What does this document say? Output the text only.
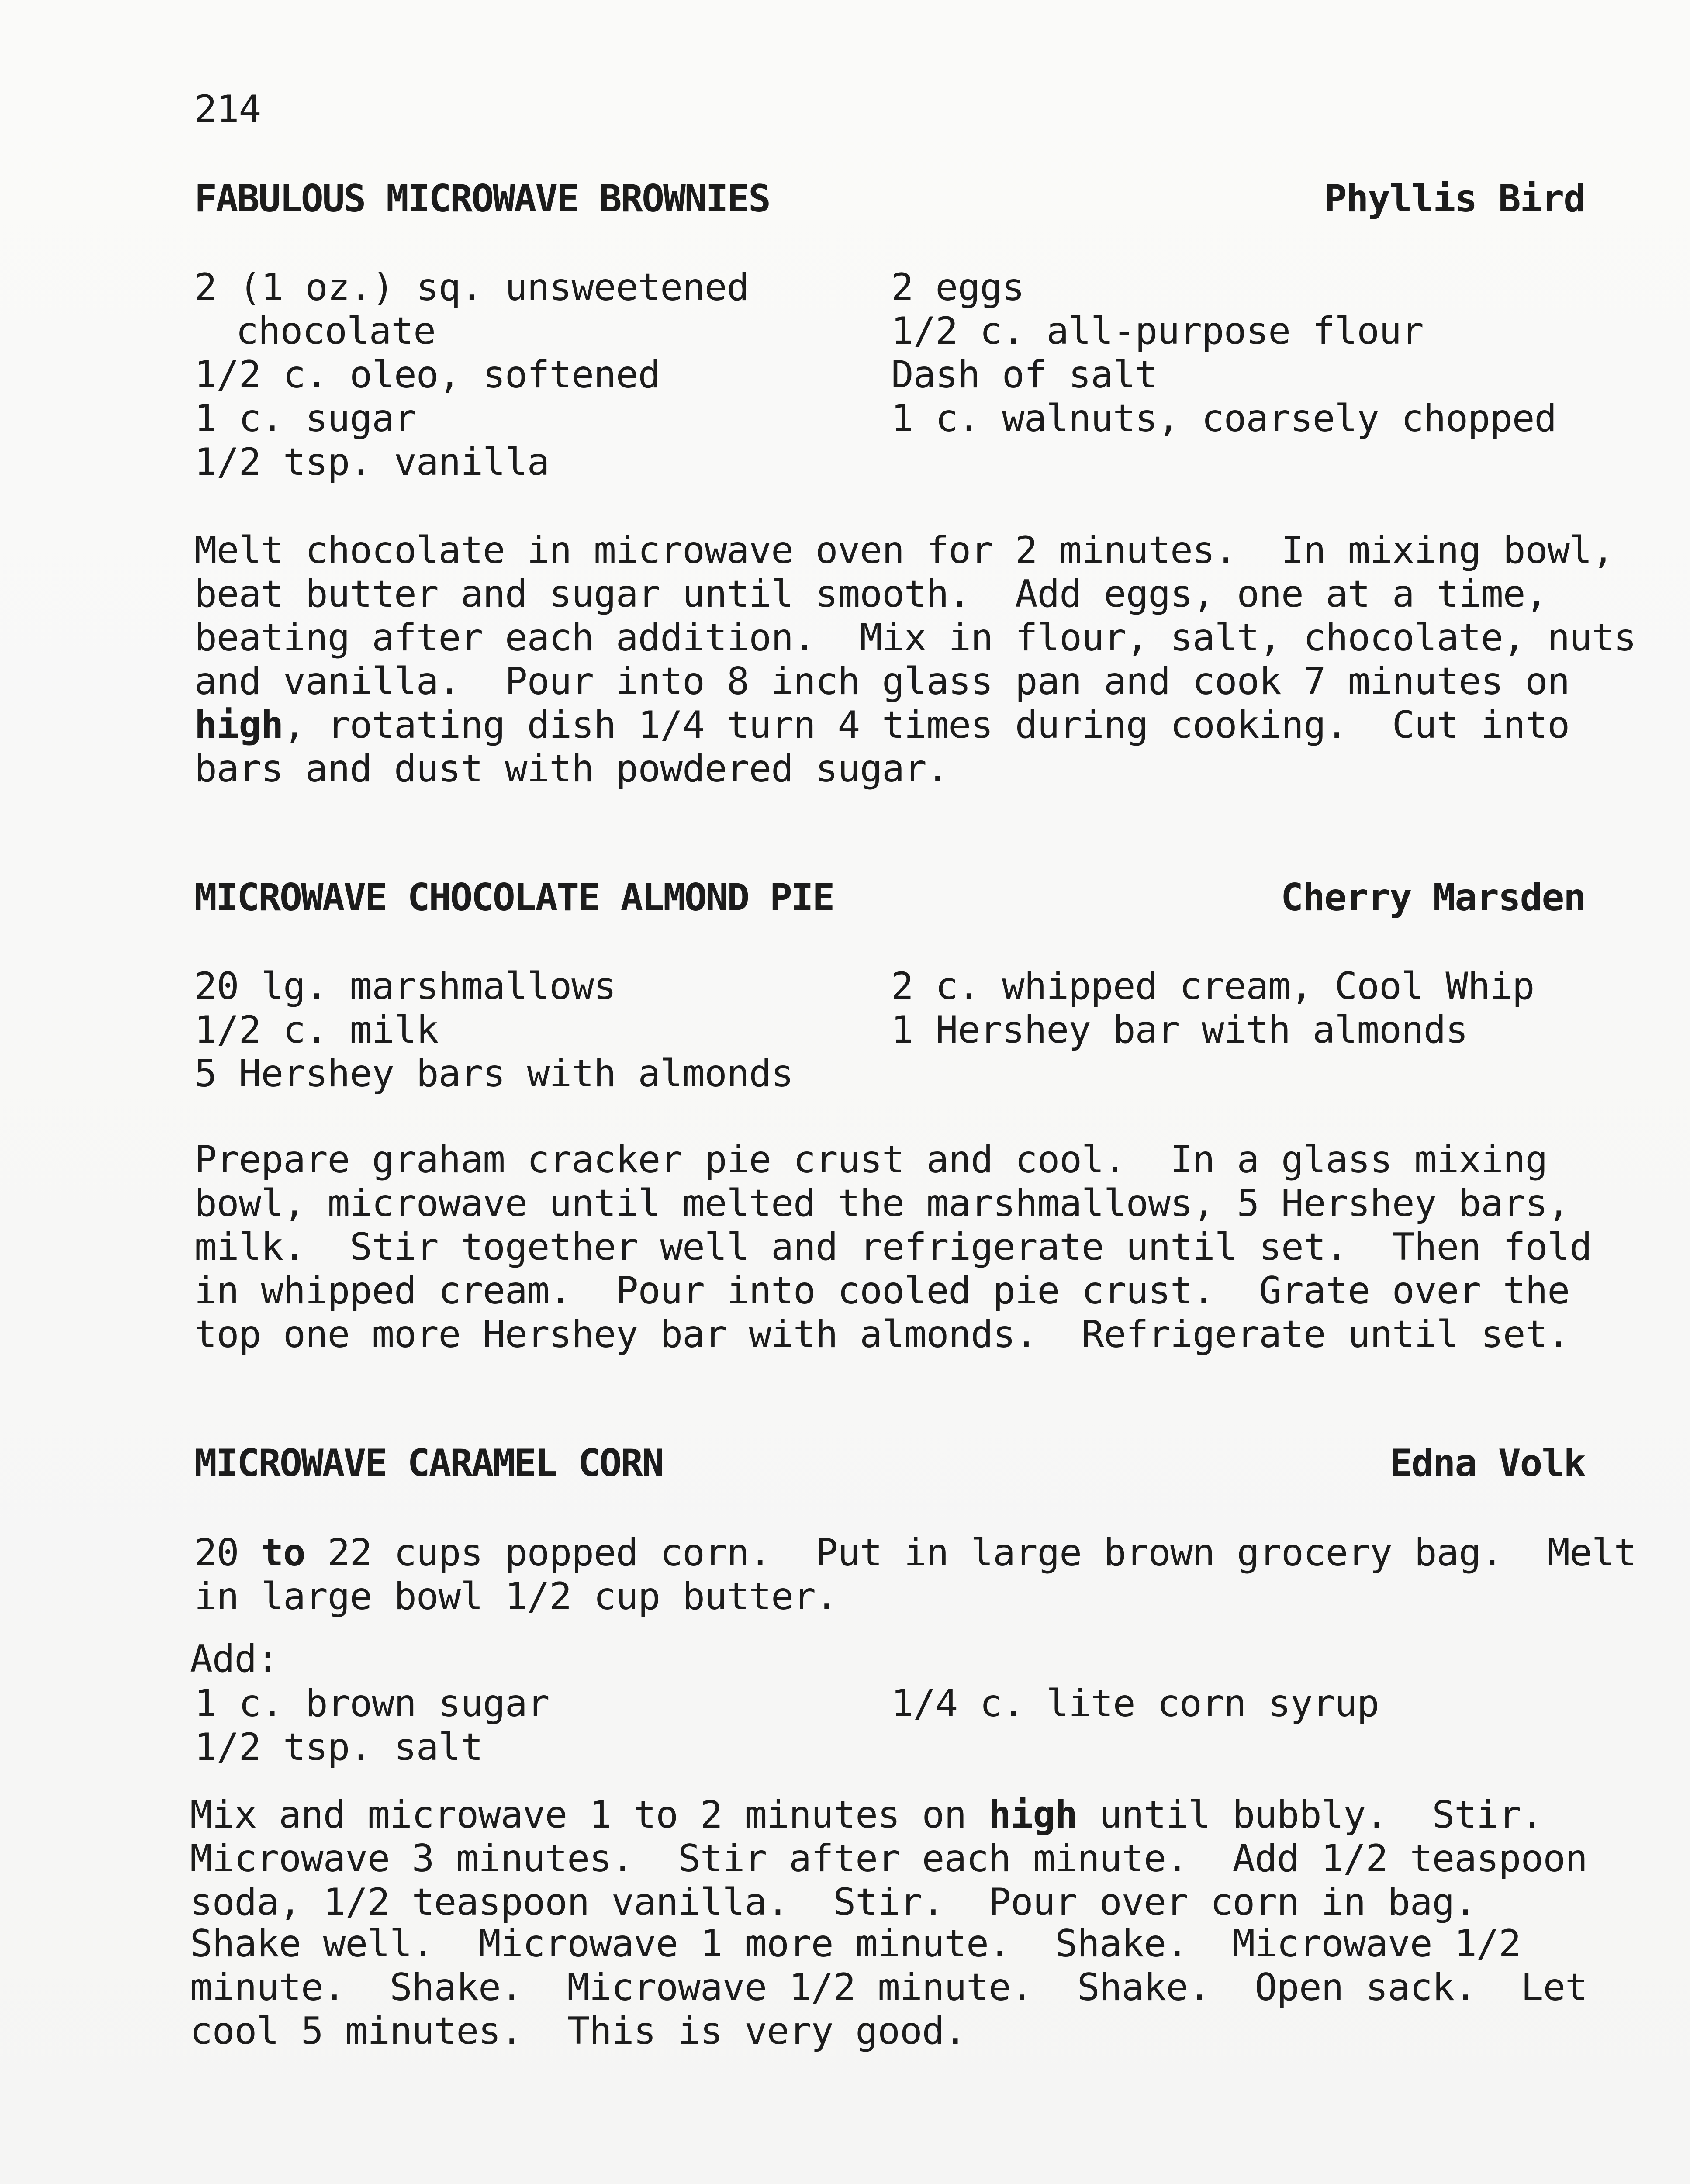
214
FABULOUS MICROWAVE BROWNIES	Phyllis Bird
2 (1 oz.) sq. unsweetened
chocolate
1/2 c. oleo, softened
1 c. sugar
1/2 tsp. vanilla
2 eggs
1/2 c. all-purpose flour
Dash of salt
1 c. walnuts, coarsely chopped
Melt chocolate in microwave oven for 2 minutes.  In mixing bowl,
beat butter and sugar until smooth.  Add eggs, one at a time,
beating after each addition.  Mix in flour, salt, chocolate, nuts
and vanilla.  Pour into 8 inch glass pan and cook 7 minutes on
high, rotating dish 1/4 turn 4 times during cooking.  Cut into
bars and dust with powdered sugar.
MICROWAVE CHOCOLATE ALMOND PIE	Cherry Marsden
20 lg. marshmallows
1/2 c. milk
5 Hershey bars with almonds
2 c. whipped cream, Cool Whip
1 Hershey bar with almonds
Prepare graham cracker pie crust and cool.  In a glass mixing
bowl, microwave until melted the marshmallows, 5 Hershey bars,
milk.  Stir together well and refrigerate until set.  Then fold
in whipped cream.  Pour into cooled pie crust.  Grate over the
top one more Hershey bar with almonds.  Refrigerate until set.
MICROWAVE CARAMEL CORN	Edna Volk
20 to 22 cups popped corn.  Put in large brown grocery bag.  Melt
in large bowl 1/2 cup butter.
Add:
1 c. brown sugar
1/2 tsp. salt
1/4 c. lite corn syrup
Mix and microwave 1 to 2 minutes on high until bubbly.  Stir.
Microwave 3 minutes.  Stir after each minute.  Add 1/2 teaspoon
soda, 1/2 teaspoon vanilla.  Stir.  Pour over corn in bag.
Shake well.  Microwave 1 more minute.  Shake.  Microwave 1/2
minute.  Shake.  Microwave 1/2 minute.  Shake.  Open sack.  Let
cool 5 minutes.  This is very good.
